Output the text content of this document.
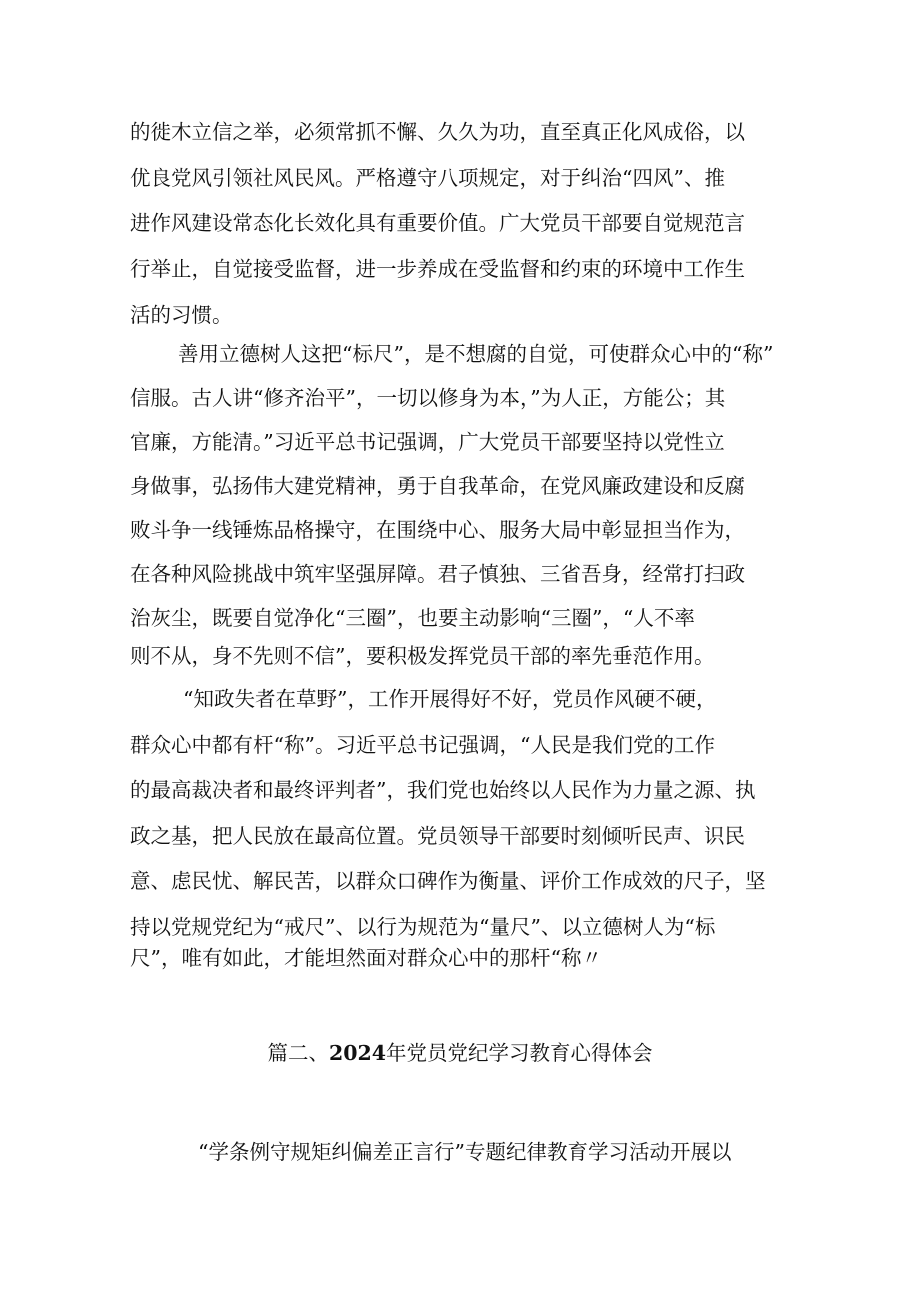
的徙木立信之举，必须常抓不懈、久久为功，直至真正化风成俗，以
优良党风引领社风民风。严格遵守八项规定，对于纠治“四风”、推
进作风建设常态化长效化具有重要价值。广大党员干部要自觉规范言
行举止，自觉接受监督，进一步养成在受监督和约束的环境中工作生
活的习惯。
善用立德树人这把“标尺”，是不想腐的自觉，可使群众心中的“称”
信服。古人讲“修齐治平”，一切以修身为本，”为人正，方能公；其
官廉，方能清。”习近平总书记强调，广大党员干部要坚持以党性立
身做事，弘扬伟大建党精神，勇于自我革命，在党风廉政建设和反腐
败斗争一线锤炼品格操守，在围绕中心、服务大局中彰显担当作为，
在各种风险挑战中筑牢坚强屏障。君子慎独、三省吾身，经常打扫政
治灰尘，既要自觉净化“三圈”，也要主动影响“三圈”，“人不率
则不从，身不先则不信”，要积极发挥党员干部的率先垂范作用。
“知政失者在草野”，工作开展得好不好，党员作风硬不硬，
群众心中都有杆“称”。习近平总书记强调，“人民是我们党的工作
的最高裁决者和最终评判者”，我们党也始终以人民作为力量之源、执
政之基，把人民放在最高位置。党员领导干部要时刻倾听民声、识民
意、虑民忧、解民苦，以群众口碑作为衡量、评价工作成效的尺子，坚
持以党规党纪为“戒尺”、以行为规范为“量尺”、以立德树人为“标
尺”，唯有如此，才能坦然面对群众心中的那杆“称〃
篇二、2024年党员党纪学习教育心得体会
“学条例守规矩纠偏差正言行”专题纪律教育学习活动开展以
